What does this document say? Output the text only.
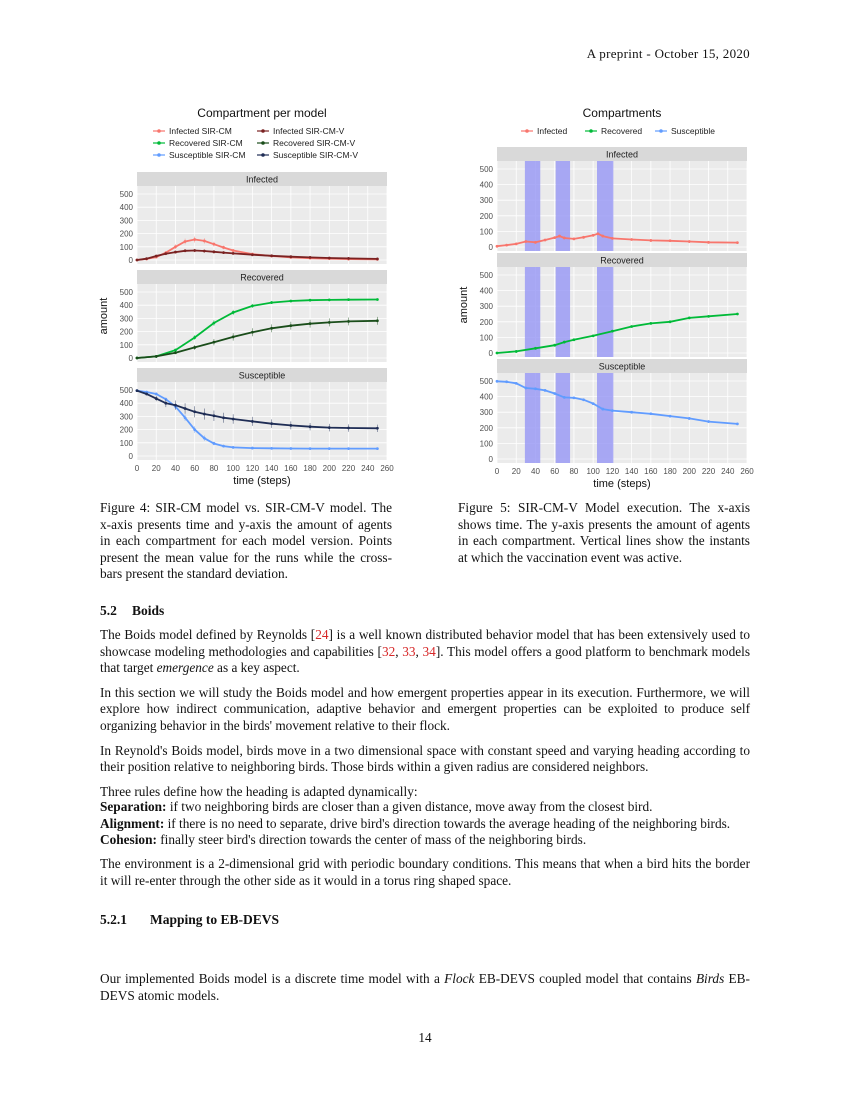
A preprint - October 15, 2020
Compartment per model
Infected SIR-CM
Recovered SIR-CM
Susceptible SIR-CM
Infected SIR-CM-V
Recovered SIR-CM-V
Susceptible SIR-CM-V
Infected
0
100
200
300
400
500
Recovered
0
100
200
300
400
500
Susceptible
0
100
200
300
400
500
0 20 40 60 80 100 120 140 160 180 200 220 240 260
time (steps)
amount
Compartments
Infected	Recovered	Susceptible
Infected
0
100
200
300
400
500
Recovered
0
100
200
300
400
500
Susceptible
0
100
200
300
400
500
0 20 40 60 80 100 120 140 160 180 200 220 240 260
time (steps)
amount
Figure 4: SIR-CM model vs. SIR-CM-V model. The x-axis presents time and y-axis the amount of agents in each compartment for each model version. Points present the mean value for the runs while the cross-bars present the standard deviation.
Figure 5: SIR-CM-V Model execution. The x-axis shows time. The y-axis presents the amount of agents in each compartment. Vertical lines show the instants at which the vaccination event was active.
5.2 Boids

The Boids model defined by Reynolds [24] is a well known distributed behavior model that has been extensively used to showcase modeling methodologies and capabilities [32, 33, 34]. This model offers a good platform to benchmark models that target emergence as a key aspect.

In this section we will study the Boids model and how emergent properties appear in its execution. Furthermore, we will explore how indirect communication, adaptive behavior and emergent properties can be exploited to produce self organizing behavior in the birds' movement relative to their flock.

In Reynold's Boids model, birds move in a two dimensional space with constant speed and varying heading according to their position relative to neighboring birds. Those birds within a given radius are considered neighbors.

Three rules define how the heading is adapted dynamically:

Separation: if two neighboring birds are closer than a given distance, move away from the closest bird.
Alignment: if there is no need to separate, drive bird's direction towards the average heading of the neighboring birds.
Cohesion: finally steer bird's direction towards the center of mass of the neighboring birds.

The environment is a 2-dimensional grid with periodic boundary conditions. This means that when a bird hits the border it will re-enter through the other side as it would in a torus ring shaped space.

5.2.1 Mapping to EB-DEVS

Our implemented Boids model is a discrete time model with a Flock EB-DEVS coupled model that contains Birds EB-DEVS atomic models.

14
